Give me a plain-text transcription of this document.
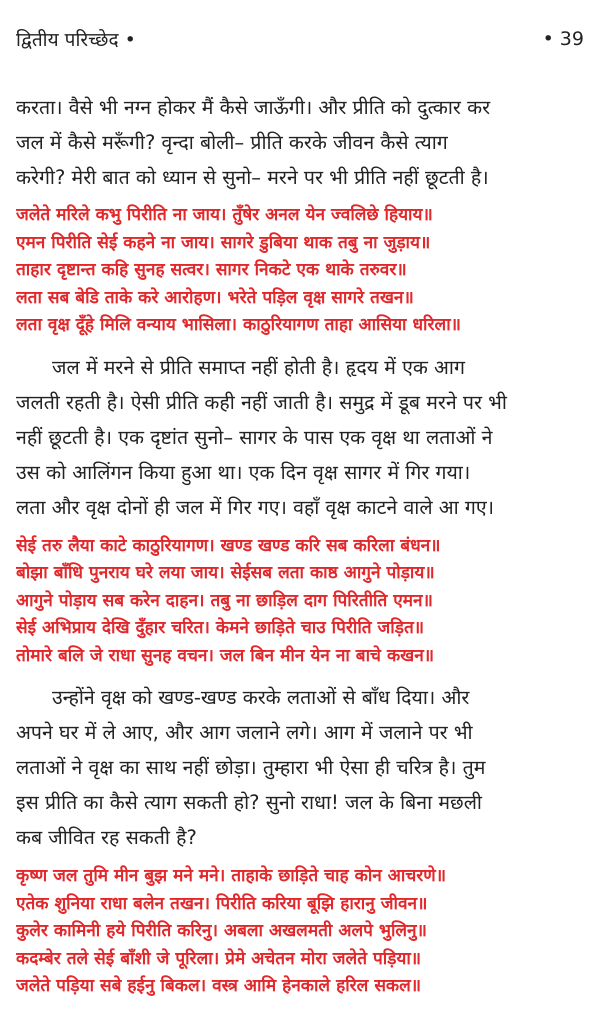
द्वितीय परिच्छेद •	• 39

करता। वैसे भी नग्न होकर मैं कैसे जाऊँगी। और प्रीति को दुत्कार कर
जल में कैसे मरूँगी? वृन्दा बोली– प्रीति करके जीवन कैसे त्याग
करेगी? मेरी बात को ध्यान से सुनो– मरने पर भी प्रीति नहीं छूटती है।

जलेते मरिले कभु पिरीति ना जाय। तुँषेर अनल येन ज्वलिछे हियाय॥
एमन पिरीति सेई कहने ना जाय। सागरे डुबिया थाक तबु ना जुड़ाय॥
ताहार दृष्टान्त कहि सुनह सत्वर। सागर निकटे एक थाके तरुवर॥
लता सब बेडि ताके करे आरोहण। भरेते पड़िल वृक्ष सागरे तखन॥
लता वृक्ष दूँहे मिलि वन्याय भासिला। काठुरियागण ताहा आसिया धरिला॥

जल में मरने से प्रीति समाप्त नहीं होती है। हृदय में एक आग
जलती रहती है। ऐसी प्रीति कही नहीं जाती है। समुद्र में डूब मरने पर भी
नहीं छूटती है। एक दृष्टांत सुनो– सागर के पास एक वृक्ष था लताओं ने
उस को आलिंगन किया हुआ था। एक दिन वृक्ष सागर में गिर गया।
लता और वृक्ष दोनों ही जल में गिर गए। वहाँ वृक्ष काटने वाले आ गए।

सेई तरु लैया काटे काठुरियागण। खण्ड खण्ड करि सब करिला बंधन॥
बोझा बाँधि पुनराय घरे लया जाय। सेईसब लता काष्ठ आगुने पोड़ाय॥
आगुने पोड़ाय सब करेन दाहन। तबु ना छाड़िल दाग पिरितीति एमन॥
सेई अभिप्राय देखि दुँहार चरित। केमने छाड़िते चाउ पिरीति जड़ित॥
तोमारे बलि जे राधा सुनह वचन। जल बिन मीन येन ना बाचे कखन॥

उन्होंने वृक्ष को खण्ड-खण्ड करके लताओं से बाँध दिया। और
अपने घर में ले आए, और आग जलाने लगे। आग में जलाने पर भी
लताओं ने वृक्ष का साथ नहीं छोड़ा। तुम्हारा भी ऐसा ही चरित्र है। तुम
इस प्रीति का कैसे त्याग सकती हो? सुनो राधा! जल के बिना मछली
कब जीवित रह सकती है?

कृष्ण जल तुमि मीन बुझ मने मने। ताहाके छाड़िते चाह कोन आचरणे॥
एतेक शुनिया राधा बलेन तखन। पिरीति करिया बूझि हारानु जीवन॥
कुलेर कामिनी हये पिरीति करिनु। अबला अखलमती अलपे भुलिनु॥
कदम्बेर तले सेई बाँशी जे पूरिला। प्रेमे अचेतन मोरा जलेते पड़िया॥
जलेते पड़िया सबे हईनु बिकल। वस्त्र आमि हेनकाले हरिल सकल॥
